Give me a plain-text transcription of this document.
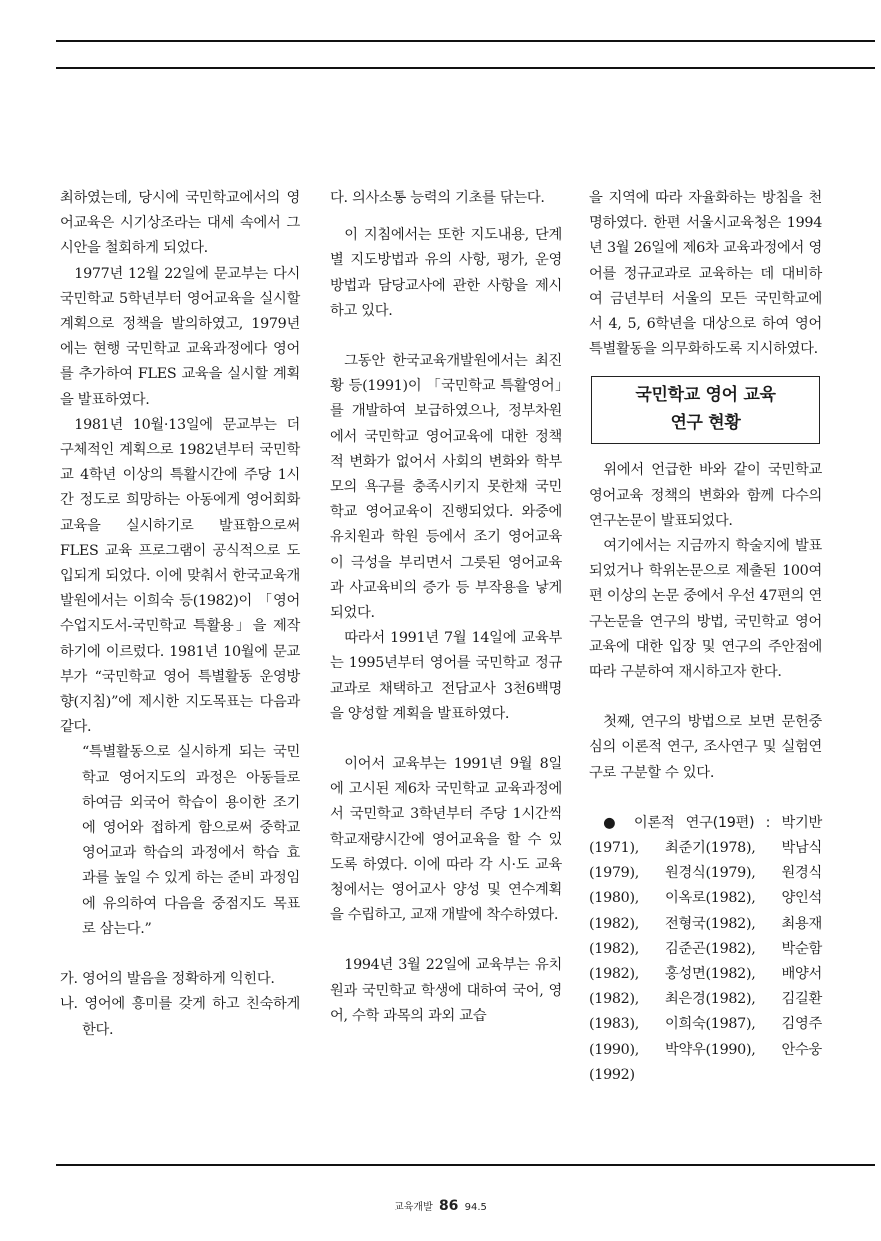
최하였는데, 당시에 국민학교에서의 영어교육은 시기상조라는 대세 속에서 그 시안을 철회하게 되었다.

1977년 12월 22일에 문교부는 다시 국민학교 5학년부터 영어교육을 실시할 계획으로 정책을 발의하였고, 1979년에는 현행 국민학교 교육과정에다 영어를 추가하여 FLES 교육을 실시할 계획을 발표하였다.

1981년 10월·13일에 문교부는 더 구체적인 계획으로 1982년부터 국민학교 4학년 이상의 특활시간에 주당 1시간 정도로 희망하는 아동에게 영어회화교육을 실시하기로 발표함으로써 FLES 교육 프로그램이 공식적으로 도입되게 되었다. 이에 맞춰서 한국교육개발원에서는 이희숙 등(1982)이 「영어수업지도서-국민학교 특활용」을 제작하기에 이르렀다. 1981년 10월에 문교부가 “국민학교 영어 특별활동 운영방향(지침)”에 제시한 지도목표는 다음과 같다.

“특별활동으로 실시하게 되는 국민학교 영어지도의 과정은 아동들로 하여금 외국어 학습이 용이한 조기에 영어와 접하게 함으로써 중학교 영어교과 학습의 과정에서 학습 효과를 높일 수 있게 하는 준비 과정임에 유의하여 다음을 중점지도 목표로 삼는다.”

가. 영어의 발음을 정확하게 익힌다.

나. 영어에 흥미를 갖게 하고 친숙하게 한다.

다. 의사소통 능력의 기초를 닦는다.

이 지침에서는 또한 지도내용, 단계별 지도방법과 유의 사항, 평가, 운영방법과 담당교사에 관한 사항을 제시하고 있다.

그동안 한국교육개발원에서는 최진황 등(1991)이 「국민학교 특활영어」를 개발하여 보급하였으나, 정부차원에서 국민학교 영어교육에 대한 정책적 변화가 없어서 사회의 변화와 학부모의 욕구를 충족시키지 못한채 국민학교 영어교육이 진행되었다. 와중에 유치원과 학원 등에서 조기 영어교육이 극성을 부리면서 그릇된 영어교육과 사교육비의 증가 등 부작용을 낳게 되었다.

따라서 1991년 7월 14일에 교육부는 1995년부터 영어를 국민학교 정규교과로 채택하고 전담교사 3천6백명을 양성할 계획을 발표하였다.

이어서 교육부는 1991년 9월 8일에 고시된 제6차 국민학교 교육과정에서 국민학교 3학년부터 주당 1시간씩 학교재량시간에 영어교육을 할 수 있도록 하였다. 이에 따라 각 시·도 교육청에서는 영어교사 양성 및 연수계획을 수립하고, 교재 개발에 착수하였다.

1994년 3월 22일에 교육부는 유치원과 국민학교 학생에 대하여 국어, 영어, 수학 과목의 과외 교습

을 지역에 따라 자율화하는 방침을 천명하였다. 한편 서울시교육청은 1994년 3월 26일에 제6차 교육과정에서 영어를 정규교과로 교육하는 데 대비하여 금년부터 서울의 모든 국민학교에서 4, 5, 6학년을 대상으로 하여 영어 특별활동을 의무화하도록 지시하였다.

국민학교 영어 교육
연구 현황

위에서 언급한 바와 같이 국민학교 영어교육 정책의 변화와 함께 다수의 연구논문이 발표되었다.

여기에서는 지금까지 학술지에 발표되었거나 학위논문으로 제출된 100여편 이상의 논문 중에서 우선 47편의 연구논문을 연구의 방법, 국민학교 영어교육에 대한 입장 및 연구의 주안점에 따라 구분하여 재시하고자 한다.

첫째, 연구의 방법으로 보면 문헌중심의 이론적 연구, 조사연구 및 실험연구로 구분할 수 있다.

● 이론적 연구(19편) : 박기반(1971), 최준기(1978), 박남식(1979), 원경식(1979), 원경식(1980), 이옥로(1982), 양인석(1982), 전형국(1982), 최용재(1982), 김준곤(1982), 박순함(1982), 홍성면(1982), 배양서(1982), 최은경(1982), 김길환(1983), 이희숙(1987), 김영주(1990), 박약우(1990), 안수웅(1992)

교육개발 86 94.5
